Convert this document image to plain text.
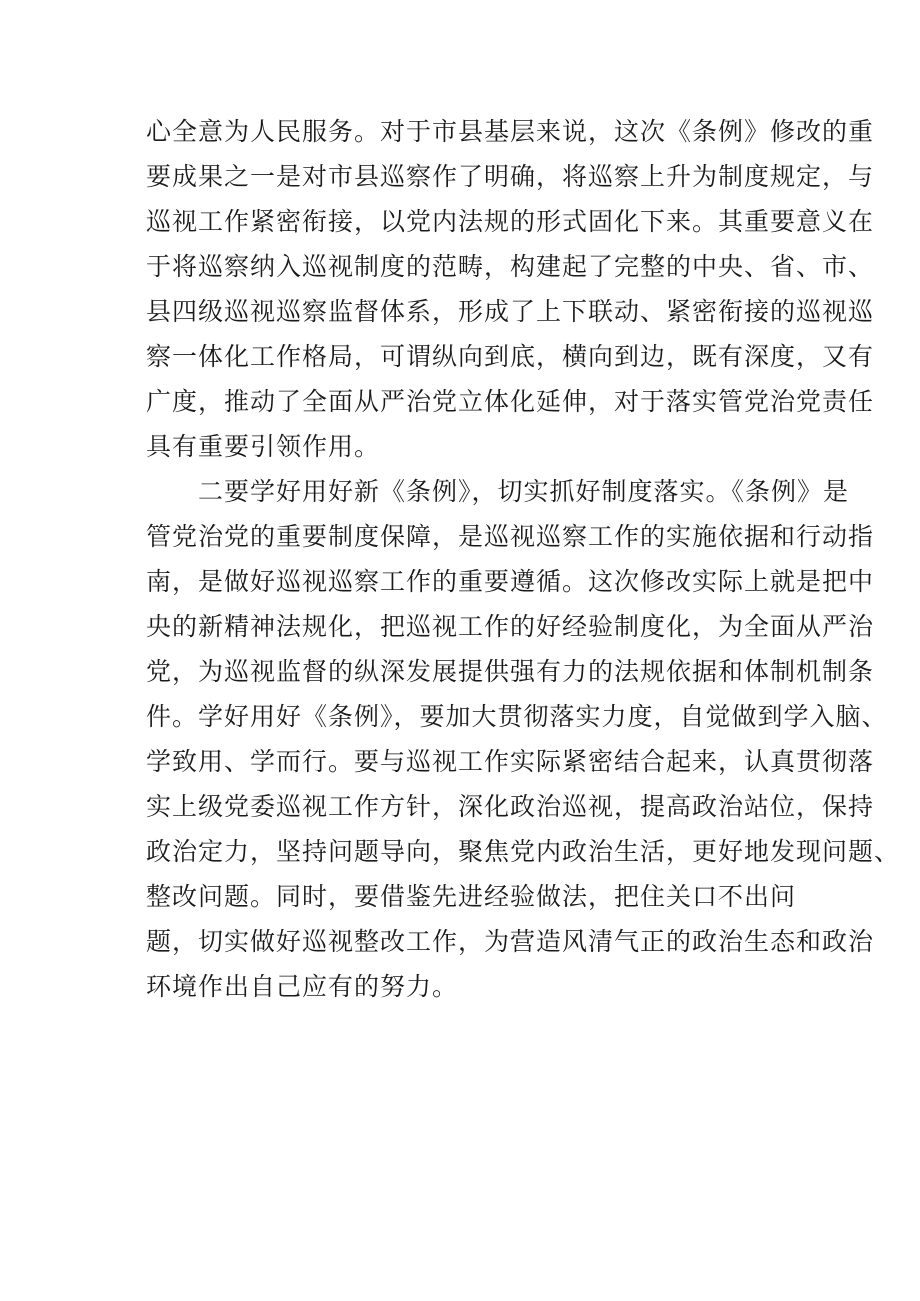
心全意为人民服务。对于市县基层来说，这次《条例》修改的重
要成果之一是对市县巡察作了明确，将巡察上升为制度规定，与
巡视工作紧密衔接，以党内法规的形式固化下来。其重要意义在
于将巡察纳入巡视制度的范畴，构建起了完整的中央、省、市、
县四级巡视巡察监督体系，形成了上下联动、紧密衔接的巡视巡
察一体化工作格局，可谓纵向到底，横向到边，既有深度，又有
广度，推动了全面从严治党立体化延伸，对于落实管党治党责任
具有重要引领作用。
　　二要学好用好新《条例》，切实抓好制度落实。《条例》是
管党治党的重要制度保障，是巡视巡察工作的实施依据和行动指
南，是做好巡视巡察工作的重要遵循。这次修改实际上就是把中
央的新精神法规化，把巡视工作的好经验制度化，为全面从严治
党，为巡视监督的纵深发展提供强有力的法规依据和体制机制条
件。学好用好《条例》，要加大贯彻落实力度，自觉做到学入脑、
学致用、学而行。要与巡视工作实际紧密结合起来，认真贯彻落
实上级党委巡视工作方针，深化政治巡视，提高政治站位，保持
政治定力，坚持问题导向，聚焦党内政治生活，更好地发现问题、
整改问题。同时，要借鉴先进经验做法，把住关口不出问
题，切实做好巡视整改工作，为营造风清气正的政治生态和政治
环境作出自己应有的努力。
